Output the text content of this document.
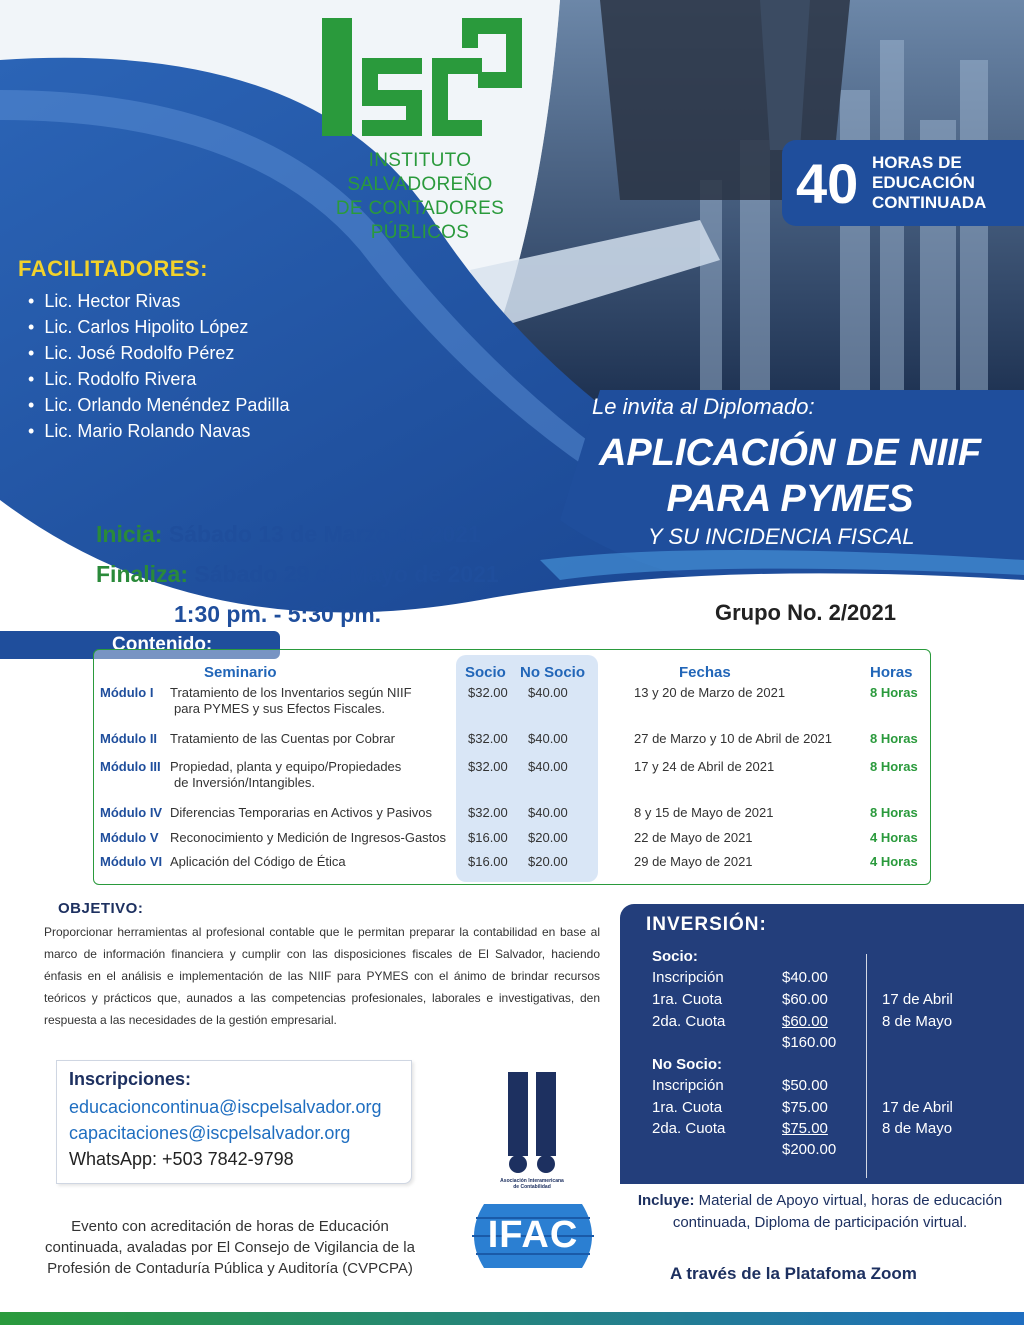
INSTITUTO SALVADOREÑO
DE CONTADORES PÚBLICOS
40 HORAS DE
EDUCACIÓN
CONTINUADA
FACILITADORES:
• Lic. Hector Rivas
• Lic. Carlos Hipolito López
• Lic. José Rodolfo Pérez
• Lic. Rodolfo Rivera
• Lic. Orlando Menéndez Padilla
• Lic. Mario Rolando Navas
Le invita al Diplomado:
APLICACIÓN DE NIIF
PARA PYMES
Y SU INCIDENCIA FISCAL
Inicia: Sábado 13 de Marzo de 2021
Finaliza: Sábado 29 de Mayo de 2021
1:30 pm. - 5:30 pm.	Grupo No. 2/2021
Contenido:
Seminario	Socio No Socio	Fechas	Horas
Módulo I Tratamiento de los Inventarios según NIIF
para PYMES y sus Efectos Fiscales.
$32.00 $40.00	13 y 20 de Marzo de 2021	8 Horas
Módulo II Tratamiento de las Cuentas por Cobrar	$32.00 $40.00	27 de Marzo y 10 de Abril de 2021	8 Horas
Módulo III Propiedad, planta y equipo/Propiedades
de Inversión/Intangibles.
$32.00 $40.00	17 y 24 de Abril de 2021	8 Horas
Módulo IV Diferencias Temporarias en Activos y Pasivos	$32.00 $40.00	8 y 15 de Mayo de 2021	8 Horas
Módulo V Reconocimiento y Medición de Ingresos-Gastos	$16.00 $20.00	22 de Mayo de 2021	4 Horas
Módulo VI Aplicación del Código de Ética	$16.00 $20.00	29 de Mayo de 2021	4 Horas
OBJETIVO:

Proporcionar herramientas al profesional contable que le permitan preparar la contabilidad en base al marco de información financiera y cumplir con las disposiciones fiscales de El Salvador, haciendo énfasis en el análisis e implementación de las NIIF para PYMES con el ánimo de brindar recursos teóricos y prácticos que, aunados a las competencias profesionales, laborales e investigativas, den respuesta a las necesidades de la gestión empresarial.

Inscripciones:
educacioncontinua@iscpelsalvador.org
capacitaciones@iscpelsalvador.org
WhatsApp: +503 7842-9798
Asociación Interamericana
de Contabilidad
IFAC
Evento con acreditación de horas de Educación continuada, avaladas por El Consejo de Vigilancia de la Profesión de Contaduría Pública y Auditoría (CVPCPA)
INVERSIÓN:
Socio:
Inscripción	$40.00
1ra. Cuota	$60.00	17 de Abril
2da. Cuota	$60.00	8 de Mayo
$160.00
No Socio:
Inscripción	$50.00
1ra. Cuota	$75.00	17 de Abril
2da. Cuota	$75.00	8 de Mayo
$200.00
Incluye: Material de Apoyo virtual, horas de educación continuada, Diploma de participación virtual.
A través de la Platafoma Zoom
